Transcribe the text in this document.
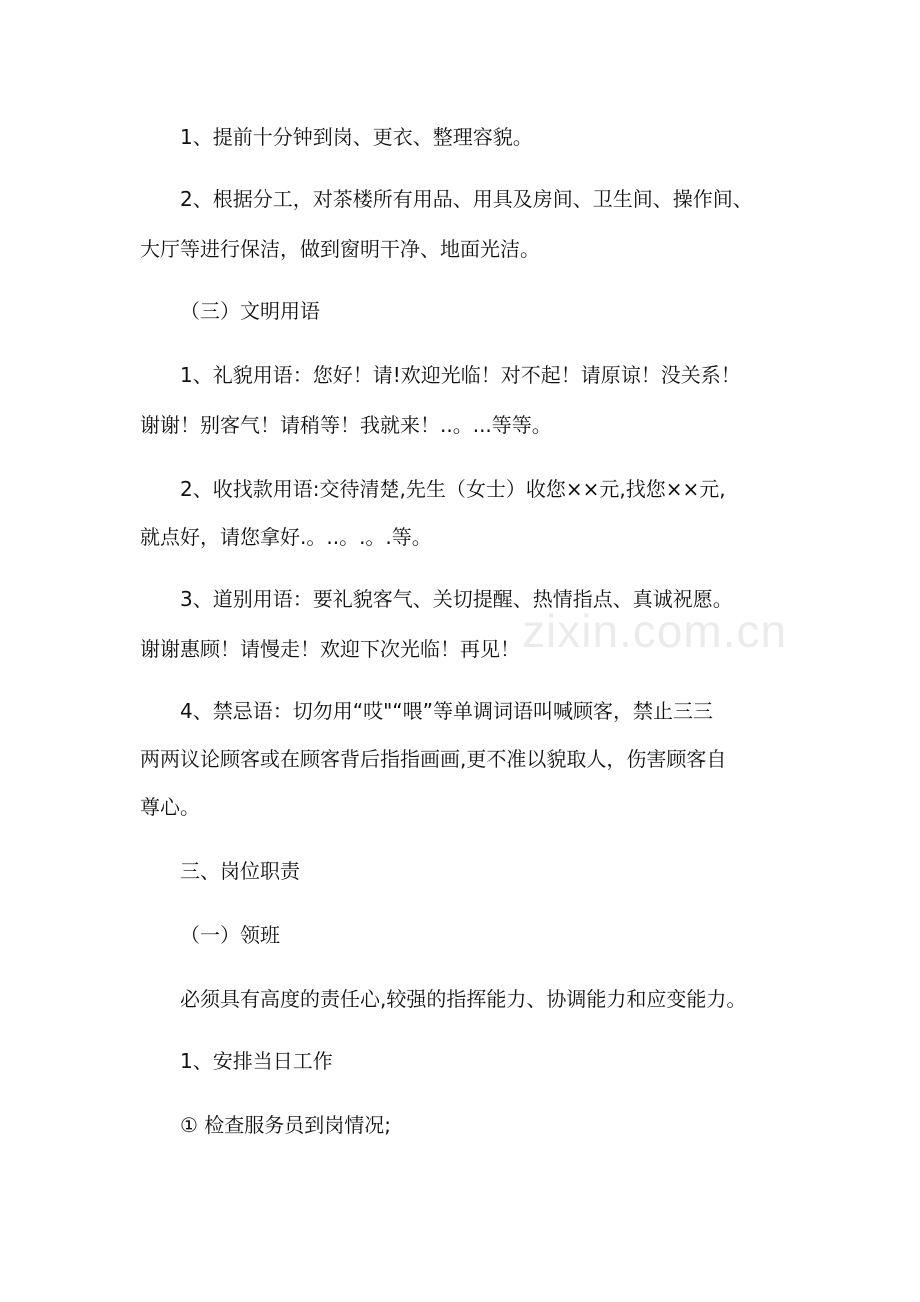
1、提前十分钟到岗、更衣、整理容貌。

2、根据分工，对茶楼所有用品、用具及房间、卫生间、操作间、

大厅等进行保洁，做到窗明干净、地面光洁。

（三）文明用语

1、礼貌用语：您好！请!欢迎光临！对不起！请原谅！没关系！

谢谢！别客气！请稍等！我就来！..。...等等。

2、收找款用语:交待清楚,先生（女士）收您××元,找您××元,

就点好，请您拿好.。..。.。.等。

3、道别用语：要礼貌客气、关切提醒、热情指点、真诚祝愿。

谢谢惠顾！请慢走！欢迎下次光临！再见！

4、禁忌语：切勿用“哎"“喂”等单调词语叫喊顾客，禁止三三

两两议论顾客或在顾客背后指指画画,更不准以貌取人，伤害顾客自

尊心。

三、岗位职责

（一）领班

必须具有高度的责任心,较强的指挥能力、协调能力和应变能力。

1、安排当日工作

① 检查服务员到岗情况;

zixin.com.cn
